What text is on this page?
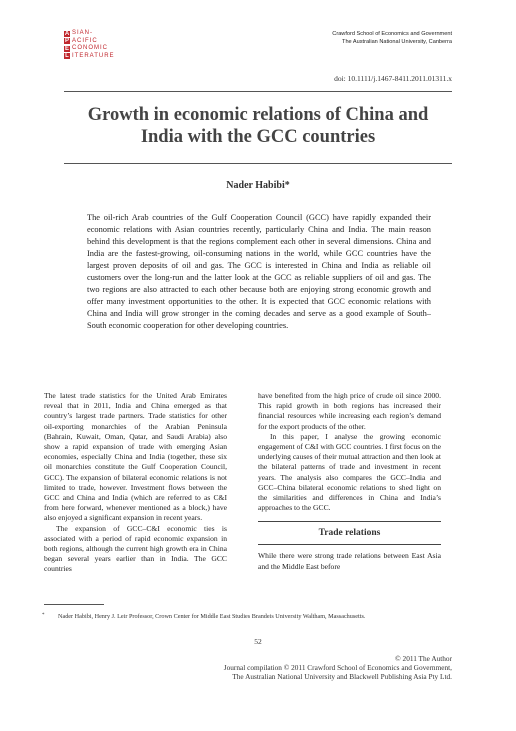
A SIAN-
P ACIFIC
E CONOMIC
L ITERATURE
Crawford School of Economics and Government
The Australian National University, Canberra
doi: 10.1111/j.1467-8411.2011.01311.x
Growth in economic relations of China and
India with the GCC countries
Nader Habibi*
The oil-rich Arab countries of the Gulf Cooperation Council (GCC) have rapidly expanded their economic relations with Asian countries recently, particularly China and India. The main reason behind this development is that the regions complement each other in several dimensions. China and India are the fastest-growing, oil-consuming nations in the world, while GCC countries have the largest proven deposits of oil and gas. The GCC is interested in China and India as reliable oil customers over the long-run and the latter look at the GCC as reliable suppliers of oil and gas. The two regions are also attracted to each other because both are enjoying strong economic growth and offer many investment opportunities to the other. It is expected that GCC economic relations with China and India will grow stronger in the coming decades and serve as a good example of South–South economic cooperation for other developing countries.

The latest trade statistics for the United Arab Emirates reveal that in 2011, India and China emerged as that country’s largest trade partners. Trade statistics for other oil-exporting monarchies of the Arabian Peninsula (Bahrain, Kuwait, Oman, Qatar, and Saudi Arabia) also show a rapid expansion of trade with emerging Asian economies, especially China and India (together, these six oil monarchies constitute the Gulf Cooperation Council, GCC). The expansion of bilateral economic relations is not limited to trade, however. Investment flows between the GCC and China and India (which are referred to as C&I from here forward, whenever mentioned as a block,) have also enjoyed a significant expansion in recent years.

The expansion of GCC–C&I economic ties is associated with a period of rapid economic expansion in both regions, although the current high growth era in China began several years earlier than in India. The GCC countries

have benefited from the high price of crude oil since 2000. This rapid growth in both regions has increased their financial resources while increasing each region’s demand for the export products of the other.

In this paper, I analyse the growing economic engagement of C&I with GCC countries. I first focus on the underlying causes of their mutual attraction and then look at the bilateral patterns of trade and investment in recent years. The analysis also compares the GCC–India and GCC–China bilateral economic relations to shed light on the similarities and differences in China and India’s approaches to the GCC.

Trade relations
While there were strong trade relations between East Asia and the Middle East before
*	Nader Habibi, Henry J. Leir Professor, Crown Center for Middle East Studies Brandeis University Waltham, Massachusetts.
52
© 2011 The Author
Journal compilation © 2011 Crawford School of Economics and Government,
The Australian National University and Blackwell Publishing Asia Pty Ltd.
